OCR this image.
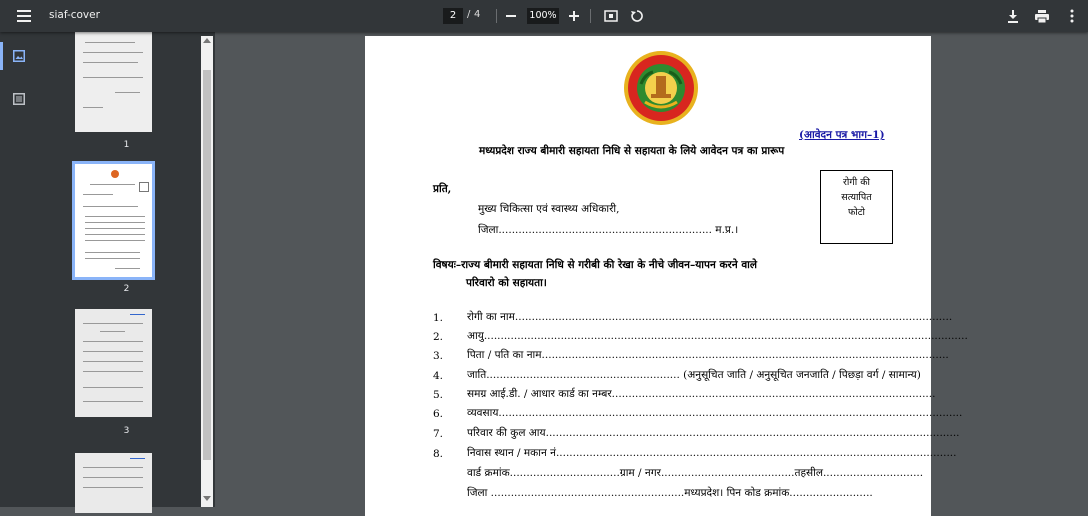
siaf-cover	2	/ 4	100%
1
2
3
(आवेदन पत्र भाग–1)
मध्यप्रदेश राज्य बीमारी सहायता निधि से सहायता के लिये आवेदन पत्र का प्रारूप
प्रति,
मुख्य चिकित्सा एवं स्वास्थ्य अधिकारी,
जिला................................................................ म.प्र.।
रोगी की
सत्यापित
फोटो
विषयः–राज्य बीमारी सहायता निधि से गरीबी की रेखा के नीचे जीवन–यापन करने वाले
परिवारो को सहायता।
1. रोगी का नाम...................................................................................................................................
2. आयु.................................................................................................................................................
3. पिता / पति का नाम..........................................................................................................................
4. जाति.......................................................... (अनुसूचित जाति / अनुसूचित जनजाति / पिछड़ा वर्ग / सामान्य)
5. समग्र आई.डी. / आधार कार्ड का नम्बर.................................................................................................
6. व्यवसाय...........................................................................................................................................
7. परिवार की कुल आय............................................................................................................................
8. निवास स्थान / मकान नं........................................................................................................................
वार्ड क्रमांक.................................ग्राम / नगर........................................तहसील..............................
जिला ..........................................................मध्यप्रदेश। पिन कोड क्रमांक.........................
